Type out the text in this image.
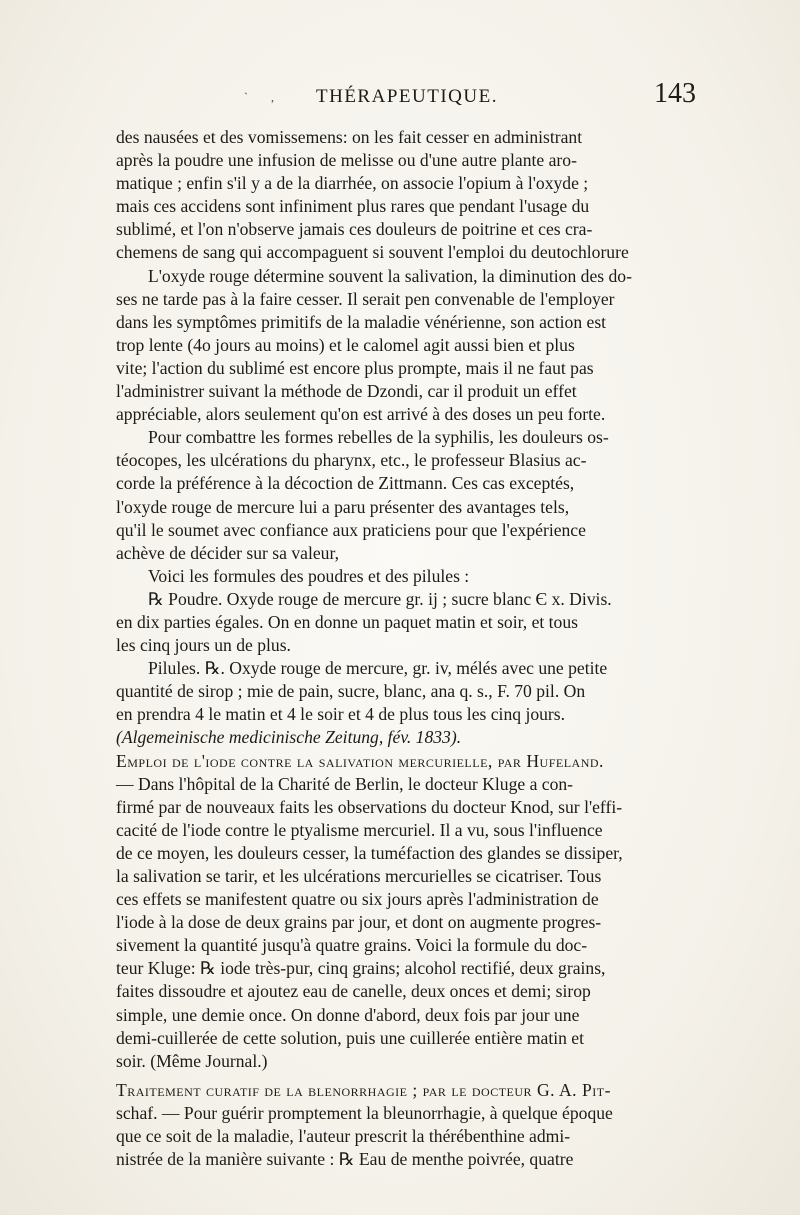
` , THÉRAPEUTIQUE.	143

des nausées et des vomissemens: on les fait cesser en administrant
après la poudre une infusion de melisse ou d'une autre plante aro-
matique ; enfin s'il y a de la diarrhée, on associe l'opium à l'oxyde ;
mais ces accidens sont infiniment plus rares que pendant l'usage du
sublimé, et l'on n'observe jamais ces douleurs de poitrine et ces cra-
chemens de sang qui accompaguent si souvent l'emploi du deutochlorure

L'oxyde rouge détermine souvent la salivation, la diminution des do-
ses ne tarde pas à la faire cesser. Il serait pen convenable de l'employer
dans les symptômes primitifs de la maladie vénérienne, son action est
trop lente (4o jours au moins) et le calomel agit aussi bien et plus
vite; l'action du sublimé est encore plus prompte, mais il ne faut pas
l'administrer suivant la méthode de Dzondi, car il produit un effet
appréciable, alors seulement qu'on est arrivé à des doses un peu forte.

Pour combattre les formes rebelles de la syphilis, les douleurs os-
téocopes, les ulcérations du pharynx, etc., le professeur Blasius ac-
corde la préférence à la décoction de Zittmann. Ces cas exceptés,
l'oxyde rouge de mercure lui a paru présenter des avantages tels,
qu'il le soumet avec confiance aux praticiens pour que l'expérience
achève de décider sur sa valeur,

Voici les formules des poudres et des pilules :

℞ Poudre. Oxyde rouge de mercure gr. ij ; sucre blanc Є x. Divis.
en dix parties égales. On en donne un paquet matin et soir, et tous
les cinq jours un de plus.

Pilules. ℞. Oxyde rouge de mercure, gr. iv, mélés avec une petite
quantité de sirop ; mie de pain, sucre, blanc, ana q. s., F. 70 pil. On
en prendra 4 le matin et 4 le soir et 4 de plus tous les cinq jours.
(Algemeinische medicinische Zeitung, fév. 1833).

Emploi de l'iode contre la salivation mercurielle, par Hufeland.
— Dans l'hôpital de la Charité de Berlin, le docteur Kluge a con-
firmé par de nouveaux faits les observations du docteur Knod, sur l'effi-
cacité de l'iode contre le ptyalisme mercuriel. Il a vu, sous l'influence
de ce moyen, les douleurs cesser, la tuméfaction des glandes se dissiper,
la salivation se tarir, et les ulcérations mercurielles se cicatriser. Tous
ces effets se manifestent quatre ou six jours après l'administration de
l'iode à la dose de deux grains par jour, et dont on augmente progres-
sivement la quantité jusqu'à quatre grains. Voici la formule du doc-
teur Kluge: ℞ iode très-pur, cinq grains; alcohol rectifié, deux grains,
faites dissoudre et ajoutez eau de canelle, deux onces et demi; sirop
simple, une demie once. On donne d'abord, deux fois par jour une
demi-cuillerée de cette solution, puis une cuillerée entière matin et
soir. (Même Journal.)

Traitement curatif de la blenorrhagie ; par le docteur G. A. Pit-
schaf. — Pour guérir promptement la bleunorrhagie, à quelque époque
que ce soit de la maladie, l'auteur prescrit la thérébenthine admi-
nistrée de la manière suivante : ℞ Eau de menthe poivrée, quatre
